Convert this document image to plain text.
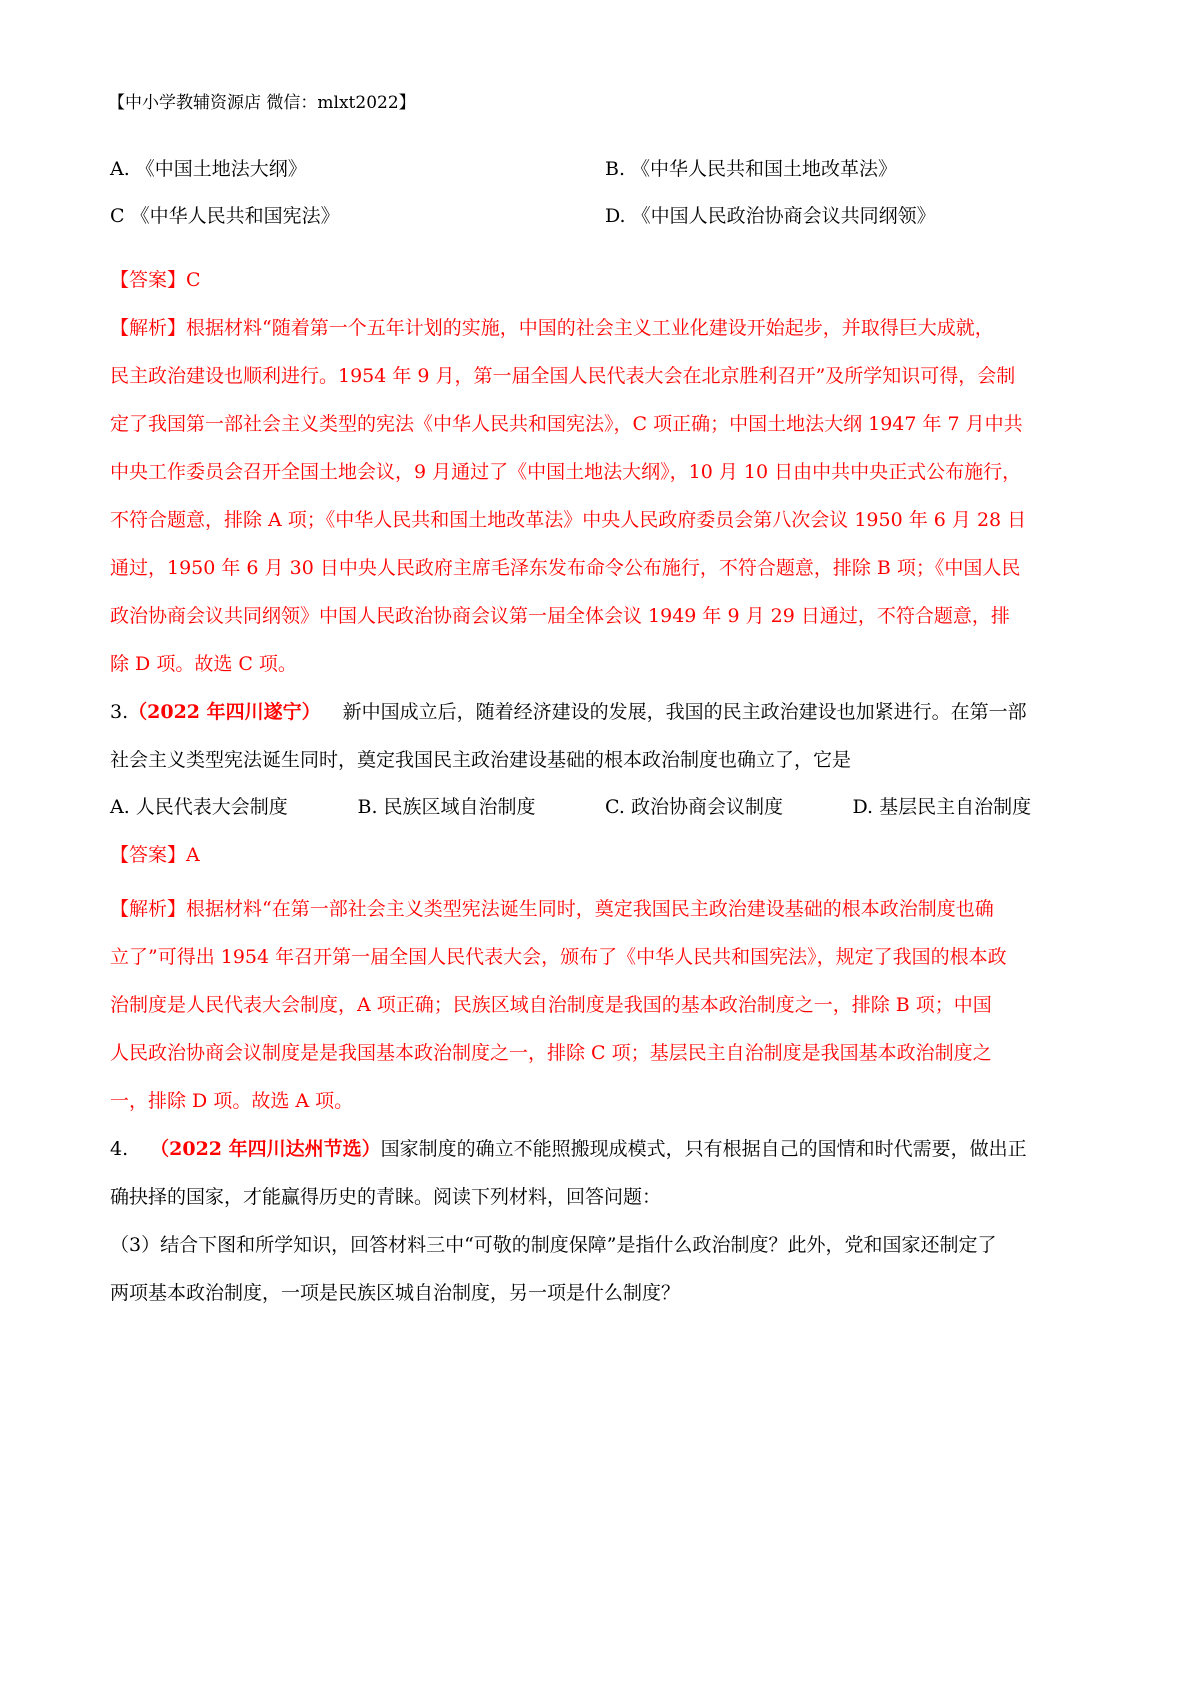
【中小学教辅资源店 微信：mlxt2022】
A. 《中国土地法大纲》	B. 《中华人民共和国土地改革法》
C 《中华人民共和国宪法》	D. 《中国人民政治协商会议共同纲领》
【答案】C
【解析】根据材料“随着第一个五年计划的实施，中国的社会主义工业化建设开始起步，并取得巨大成就，
民主政治建设也顺利进行。1954 年 9 月，第一届全国人民代表大会在北京胜利召开”及所学知识可得，会制
定了我国第一部社会主义类型的宪法《中华人民共和国宪法》，C 项正确；中国土地法大纲 1947 年 7 月中共
中央工作委员会召开全国土地会议，9 月通过了《中国土地法大纲》，10 月 10 日由中共中央正式公布施行，
不符合题意，排除 A 项；《中华人民共和国土地改革法》中央人民政府委员会第八次会议 1950 年 6 月 28 日
通过，1950 年 6 月 30 日中央人民政府主席毛泽东发布命令公布施行，不符合题意，排除 B 项；《中国人民
政治协商会议共同纲领》中国人民政治协商会议第一届全体会议 1949 年 9 月 29 日通过，不符合题意，排
除 D 项。故选 C 项。
3.（2022 年四川遂宁） 新中国成立后，随着经济建设的发展，我国的民主政治建设也加紧进行。在第一部
社会主义类型宪法诞生同时，奠定我国民主政治建设基础的根本政治制度也确立了，它是
A. 人民代表大会制度	B. 民族区域自治制度	C. 政治协商会议制度	D. 基层民主自治制度
【答案】A
【解析】根据材料“在第一部社会主义类型宪法诞生同时，奠定我国民主政治建设基础的根本政治制度也确
立了”可得出 1954 年召开第一届全国人民代表大会，颁布了《中华人民共和国宪法》，规定了我国的根本政
治制度是人民代表大会制度，A 项正确；民族区域自治制度是我国的基本政治制度之一，排除 B 项；中国
人民政治协商会议制度是是我国基本政治制度之一，排除 C 项；基层民主自治制度是我国基本政治制度之
一，排除 D 项。故选 A 项。
4. （2022 年四川达州节选）国家制度的确立不能照搬现成模式，只有根据自己的国情和时代需要，做出正
确抉择的国家，才能赢得历史的青睐。阅读下列材料，回答问题：
（3）结合下图和所学知识，回答材料三中“可敬的制度保障”是指什么政治制度？此外，党和国家还制定了
两项基本政治制度，一项是民族区城自治制度，另一项是什么制度？
